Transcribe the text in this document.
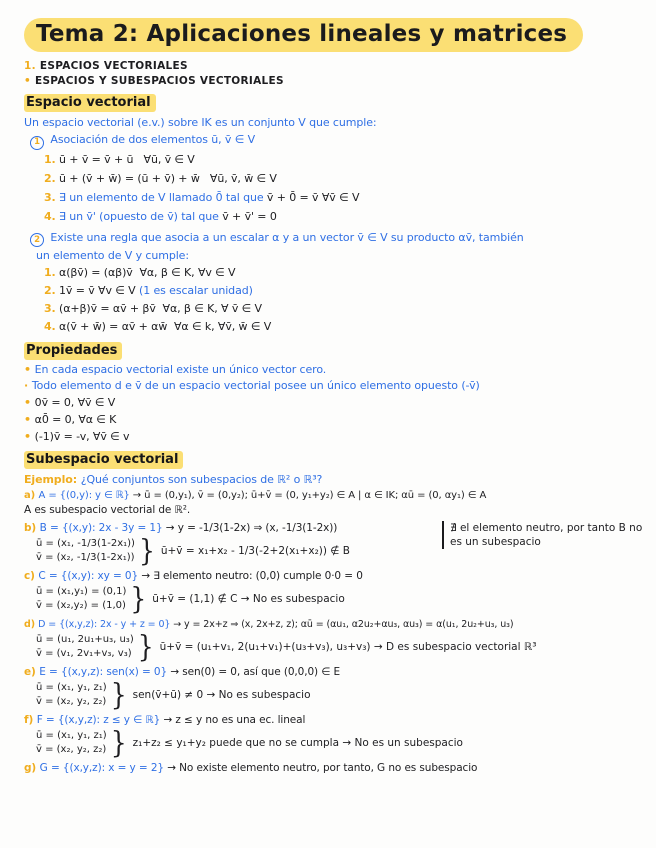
Tema 2: Aplicaciones lineales y matrices
1. ESPACIOS VECTORIALES
• ESPACIOS Y SUBESPACIOS VECTORIALES
Espacio vectorial
Un espacio vectorial (e.v.) sobre IK es un conjunto V que cumple:
1 Asociación de dos elementos ū, v̄ ∈ V
1. ū + v̄ = v̄ + ū   ∀ū, v̄ ∈ V
2. ū + (v̄ + w̄) = (ū + v̄) + w̄   ∀ū, v̄, w̄ ∈ V
3. ∃ un elemento de V llamado 0̄ tal que v̄ + 0̄ = v̄ ∀v̄ ∈ V
4. ∃ un v̄' (opuesto de v̄) tal que v̄ + v̄' = 0
2 Existe una regla que asocia a un escalar α y a un vector v̄ ∈ V su producto αv̄, también
un elemento de V y cumple:
1. α(βv̄) = (αβ)v̄  ∀α, β ∈ K, ∀v ∈ V
2. 1v̄ = v̄ ∀v ∈ V (1 es escalar unidad)
3. (α+β)v̄ = αv̄ + βv̄  ∀α, β ∈ K, ∀ v̄ ∈ V
4. α(v̄ + w̄) = αv̄ + αw̄  ∀α ∈ k, ∀v̄, w̄ ∈ V
Propiedades
• En cada espacio vectorial existe un único vector cero.
· Todo elemento d e v̄ de un espacio vectorial posee un único elemento opuesto (-v̄)
• 0v̄ = 0, ∀v̄ ∈ V
• α0̄ = 0, ∀α ∈ K
• (-1)v̄ = -v, ∀v̄ ∈ v
Subespacio vectorial
Ejemplo: ¿Qué conjuntos son subespacios de ℝ² o ℝ³?
a) A = {(0,y): y ∈ ℝ} → ū = (0,y₁), v̄ = (0,y₂); ū+v̄ = (0, y₁+y₂) ∈ A | α ∈ IK; αū = (0, αy₁) ∈ A
A es subespacio vectorial de ℝ².
∄ el elemento neutro, por tanto B no
es un subespacio
b) B = {(x,y): 2x - 3y = 1} → y = -1/3(1-2x) ⇒ (x, -1/3(1-2x))
ū = (x₁, -1/3(1-2x₁))
v̄ = (x₂, -1/3(1-2x₁)) } ū+v̄ = x₁+x₂ - 1/3(-2+2(x₁+x₂)) ∉ B
c) C = {(x,y): xy = 0} → ∃ elemento neutro: (0,0) cumple 0·0 = 0
ū = (x₁,y₁) = (0,1)
v̄ = (x₂,y₂) = (1,0) } ū+v̄ = (1,1) ∉ C → No es subespacio
d) D = {(x,y,z): 2x - y + z = 0} → y = 2x+z ⇒ (x, 2x+z, z); αū = (αu₁, α2u₂+αu₃, αu₃) = α(u₁, 2u₂+u₃, u₃)
ū = (u₁, 2u₁+u₃, u₃)
v̄ = (v₁, 2v₁+v₃, v₃) } ū+v̄ = (u₁+v₁, 2(u₁+v₁)+(u₃+v₃), u₃+v₃) → D es subespacio vectorial ℝ³
e) E = {(x,y,z): sen(x) = 0} → sen(0) = 0, así que (0,0,0) ∈ E
ū = (x₁, y₁, z₁)
v̄ = (x₂, y₂, z₂) } sen(v̄+ū) ≠ 0 → No es subespacio
f) F = {(x,y,z): z ≤ y ∈ ℝ} → z ≤ y no es una ec. lineal
ū = (x₁, y₁, z₁)
v̄ = (x₂, y₂, z₂) } z₁+z₂ ≤ y₁+y₂ puede que no se cumpla → No es un subespacio
g) G = {(x,y,z): x = y = 2} → No existe elemento neutro, por tanto, G no es subespacio
